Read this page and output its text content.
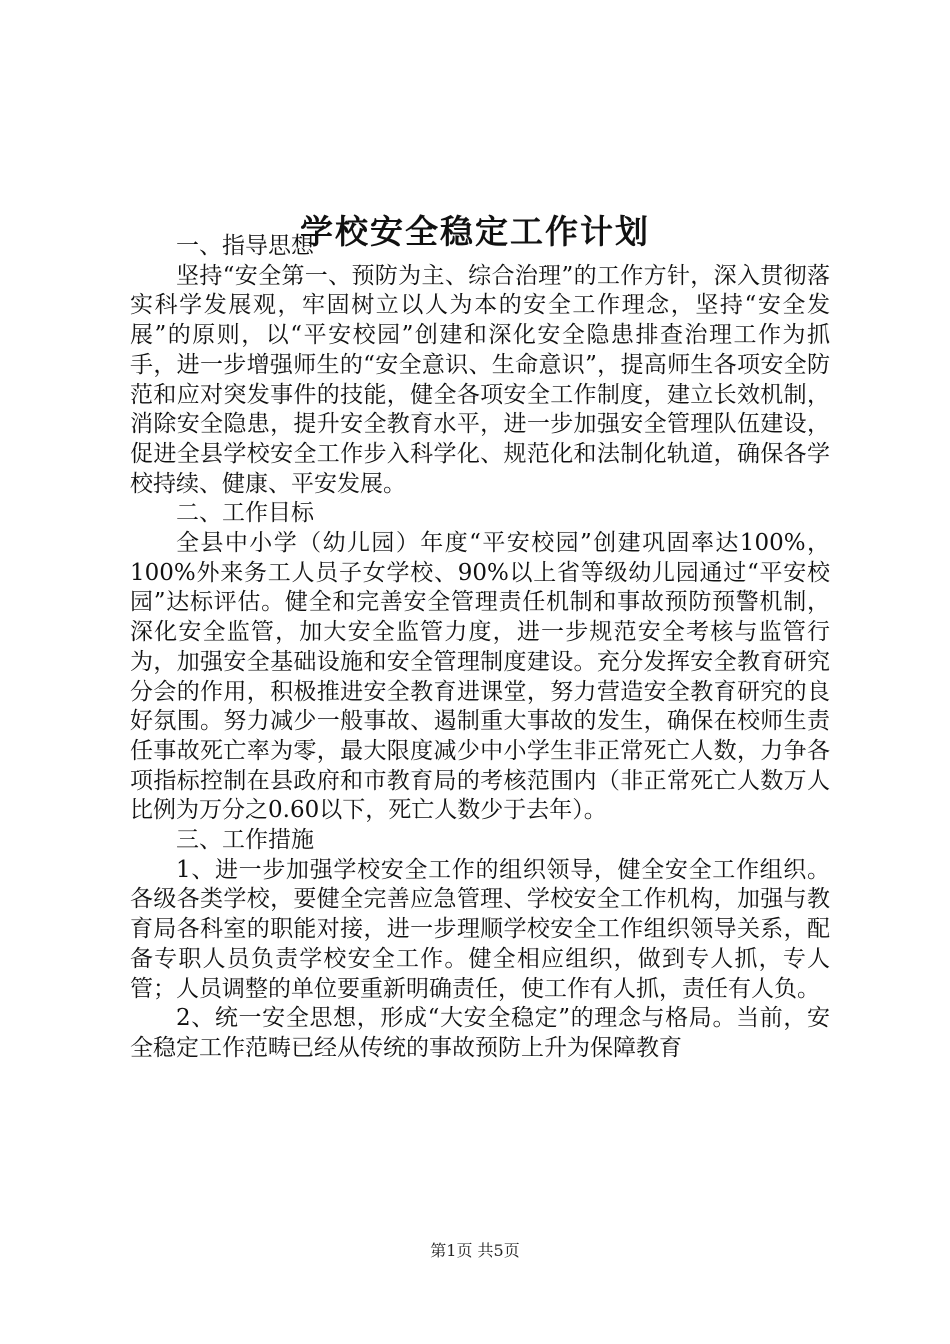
学校安全稳定工作计划

一、指导思想

坚持“安全第一、预防为主、综合治理”的工作方针，深入贯彻落实科学发展观，牢固树立以人为本的安全工作理念，坚持“安全发展”的原则，以“平安校园”创建和深化安全隐患排查治理工作为抓手，进一步增强师生的“安全意识、生命意识”，提高师生各项安全防范和应对突发事件的技能，健全各项安全工作制度，建立长效机制，消除安全隐患，提升安全教育水平，进一步加强安全管理队伍建设，促进全县学校安全工作步入科学化、规范化和法制化轨道，确保各学校持续、健康、平安发展。

二、工作目标

全县中小学（幼儿园）年度“平安校园”创建巩固率达100%，100%外来务工人员子女学校、90%以上省等级幼儿园通过“平安校园”达标评估。健全和完善安全管理责任机制和事故预防预警机制，深化安全监管，加大安全监管力度，进一步规范安全考核与监管行为，加强安全基础设施和安全管理制度建设。充分发挥安全教育研究分会的作用，积极推进安全教育进课堂，努力营造安全教育研究的良好氛围。努力减少一般事故、遏制重大事故的发生，确保在校师生责任事故死亡率为零，最大限度减少中小学生非正常死亡人数，力争各项指标控制在县政府和市教育局的考核范围内（非正常死亡人数万人比例为万分之0.60以下，死亡人数少于去年）。

三、工作措施

1、进一步加强学校安全工作的组织领导，健全安全工作组织。各级各类学校，要健全完善应急管理、学校安全工作机构，加强与教育局各科室的职能对接，进一步理顺学校安全工作组织领导关系，配备专职人员负责学校安全工作。健全相应组织，做到专人抓，专人管；人员调整的单位要重新明确责任，使工作有人抓，责任有人负。

2、统一安全思想，形成“大安全稳定”的理念与格局。当前，安全稳定工作范畴已经从传统的事故预防上升为保障教育

第1页 共5页
